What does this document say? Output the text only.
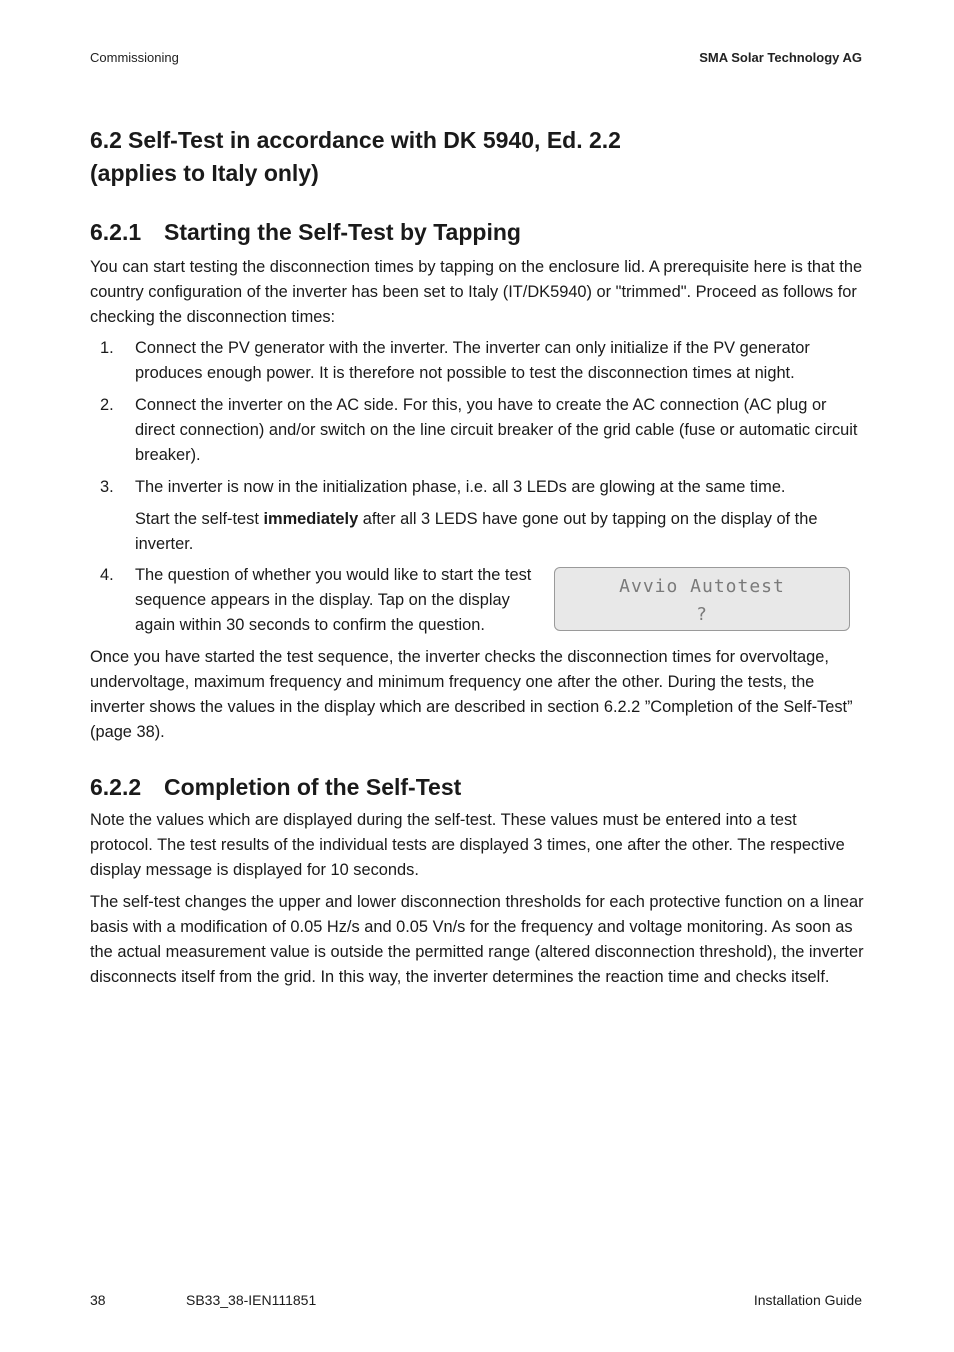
Commissioning	SMA Solar Technology AG
6.2 Self-Test in accordance with DK 5940, Ed. 2.2
(applies to Italy only)
6.2.1 Starting the Self-Test by Tapping

You can start testing the disconnection times by tapping on the enclosure lid. A prerequisite here is that the country configuration of the inverter has been set to Italy (IT/DK5940) or "trimmed". Proceed as follows for checking the disconnection times:

1. Connect the PV generator with the inverter. The inverter can only initialize if the PV generator produces enough power. It is therefore not possible to test the disconnection times at night.

2. Connect the inverter on the AC side. For this, you have to create the AC connection (AC plug or direct connection) and/or switch on the line circuit breaker of the grid cable (fuse or automatic circuit breaker).

3. The inverter is now in the initialization phase, i.e. all 3 LEDs are glowing at the same time.

Start the self-test immediately after all 3 LEDS have gone out by tapping on the display of the inverter.

4. The question of whether you would like to start the test sequence appears in the display. Tap on the display again within 30 seconds to confirm the question.

Avvio Autotest
?

Once you have started the test sequence, the inverter checks the disconnection times for overvoltage, undervoltage, maximum frequency and minimum frequency one after the other. During the tests, the inverter shows the values in the display which are described in section 6.2.2 ”Completion of the Self-Test” (page 38).

6.2.2 Completion of the Self-Test

Note the values which are displayed during the self-test. These values must be entered into a test protocol. The test results of the individual tests are displayed 3 times, one after the other. The respective display message is displayed for 10 seconds.

The self-test changes the upper and lower disconnection thresholds for each protective function on a linear basis with a modification of 0.05 Hz/s and 0.05 Vn/s for the frequency and voltage monitoring. As soon as the actual measurement value is outside the permitted range (altered disconnection threshold), the inverter disconnects itself from the grid. In this way, the inverter determines the reaction time and checks itself.

38	SB33_38-IEN111851	Installation Guide
